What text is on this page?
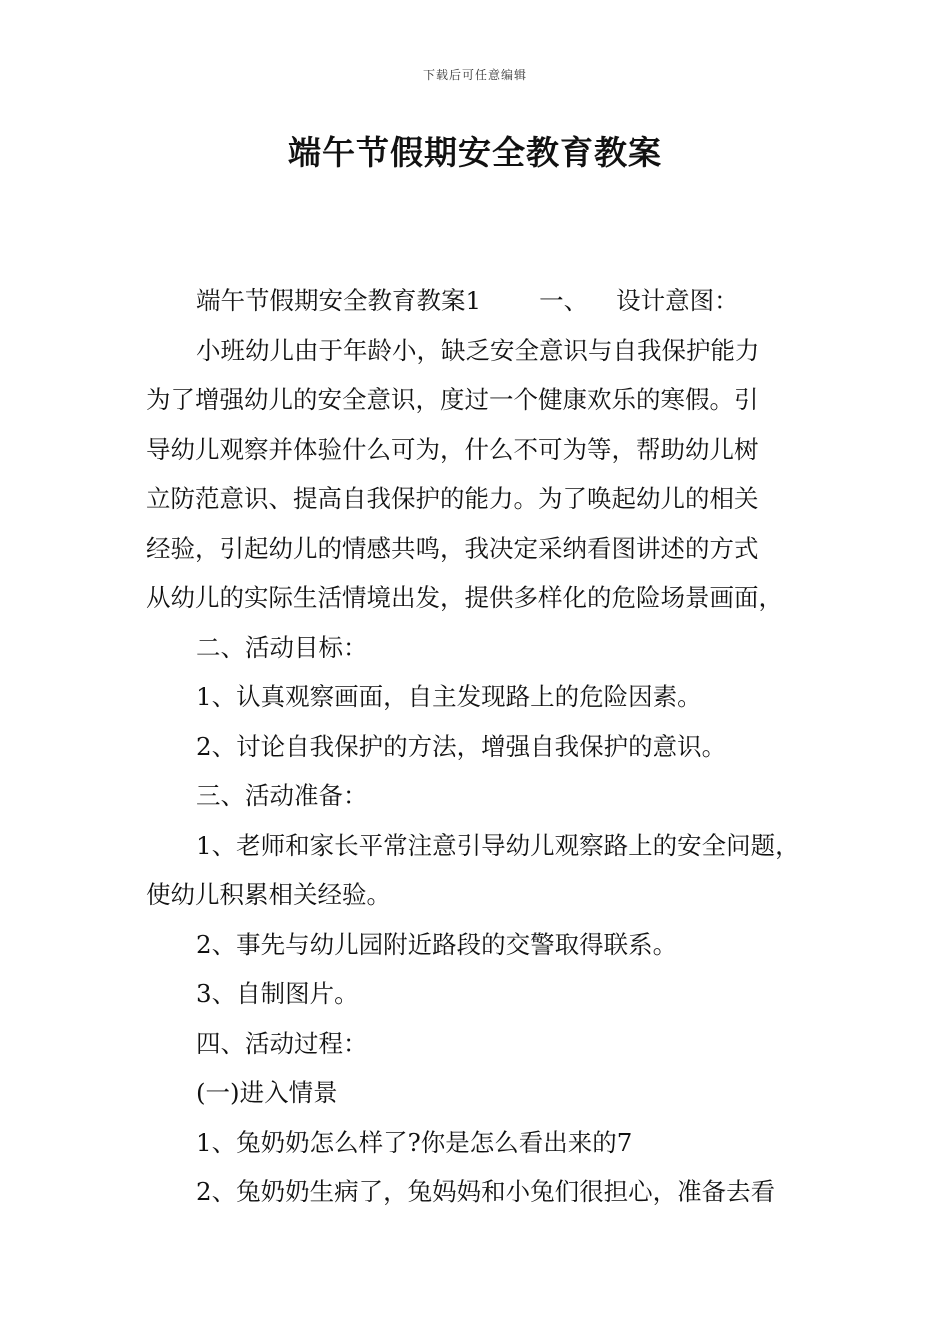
下载后可任意编辑
端午节假期安全教育教案
端午节假期安全教育教案1 一、 设计意图：
小班幼儿由于年龄小，缺乏安全意识与自我保护能力
为了增强幼儿的安全意识，度过一个健康欢乐的寒假。引
导幼儿观察并体验什么可为，什么不可为等，帮助幼儿树
立防范意识、提高自我保护的能力。为了唤起幼儿的相关
经验，引起幼儿的情感共鸣，我决定采纳看图讲述的方式
从幼儿的实际生活情境出发，提供多样化的危险场景画面，
二、活动目标：
1、认真观察画面，自主发现路上的危险因素。
2、讨论自我保护的方法，增强自我保护的意识。
三、活动准备：
1、老师和家长平常注意引导幼儿观察路上的安全问题，
使幼儿积累相关经验。
2、事先与幼儿园附近路段的交警取得联系。
3、自制图片。
四、活动过程：
(一)进入情景
1、兔奶奶怎么样了?你是怎么看出来的7
2、兔奶奶生病了，兔妈妈和小兔们很担心，准备去看
